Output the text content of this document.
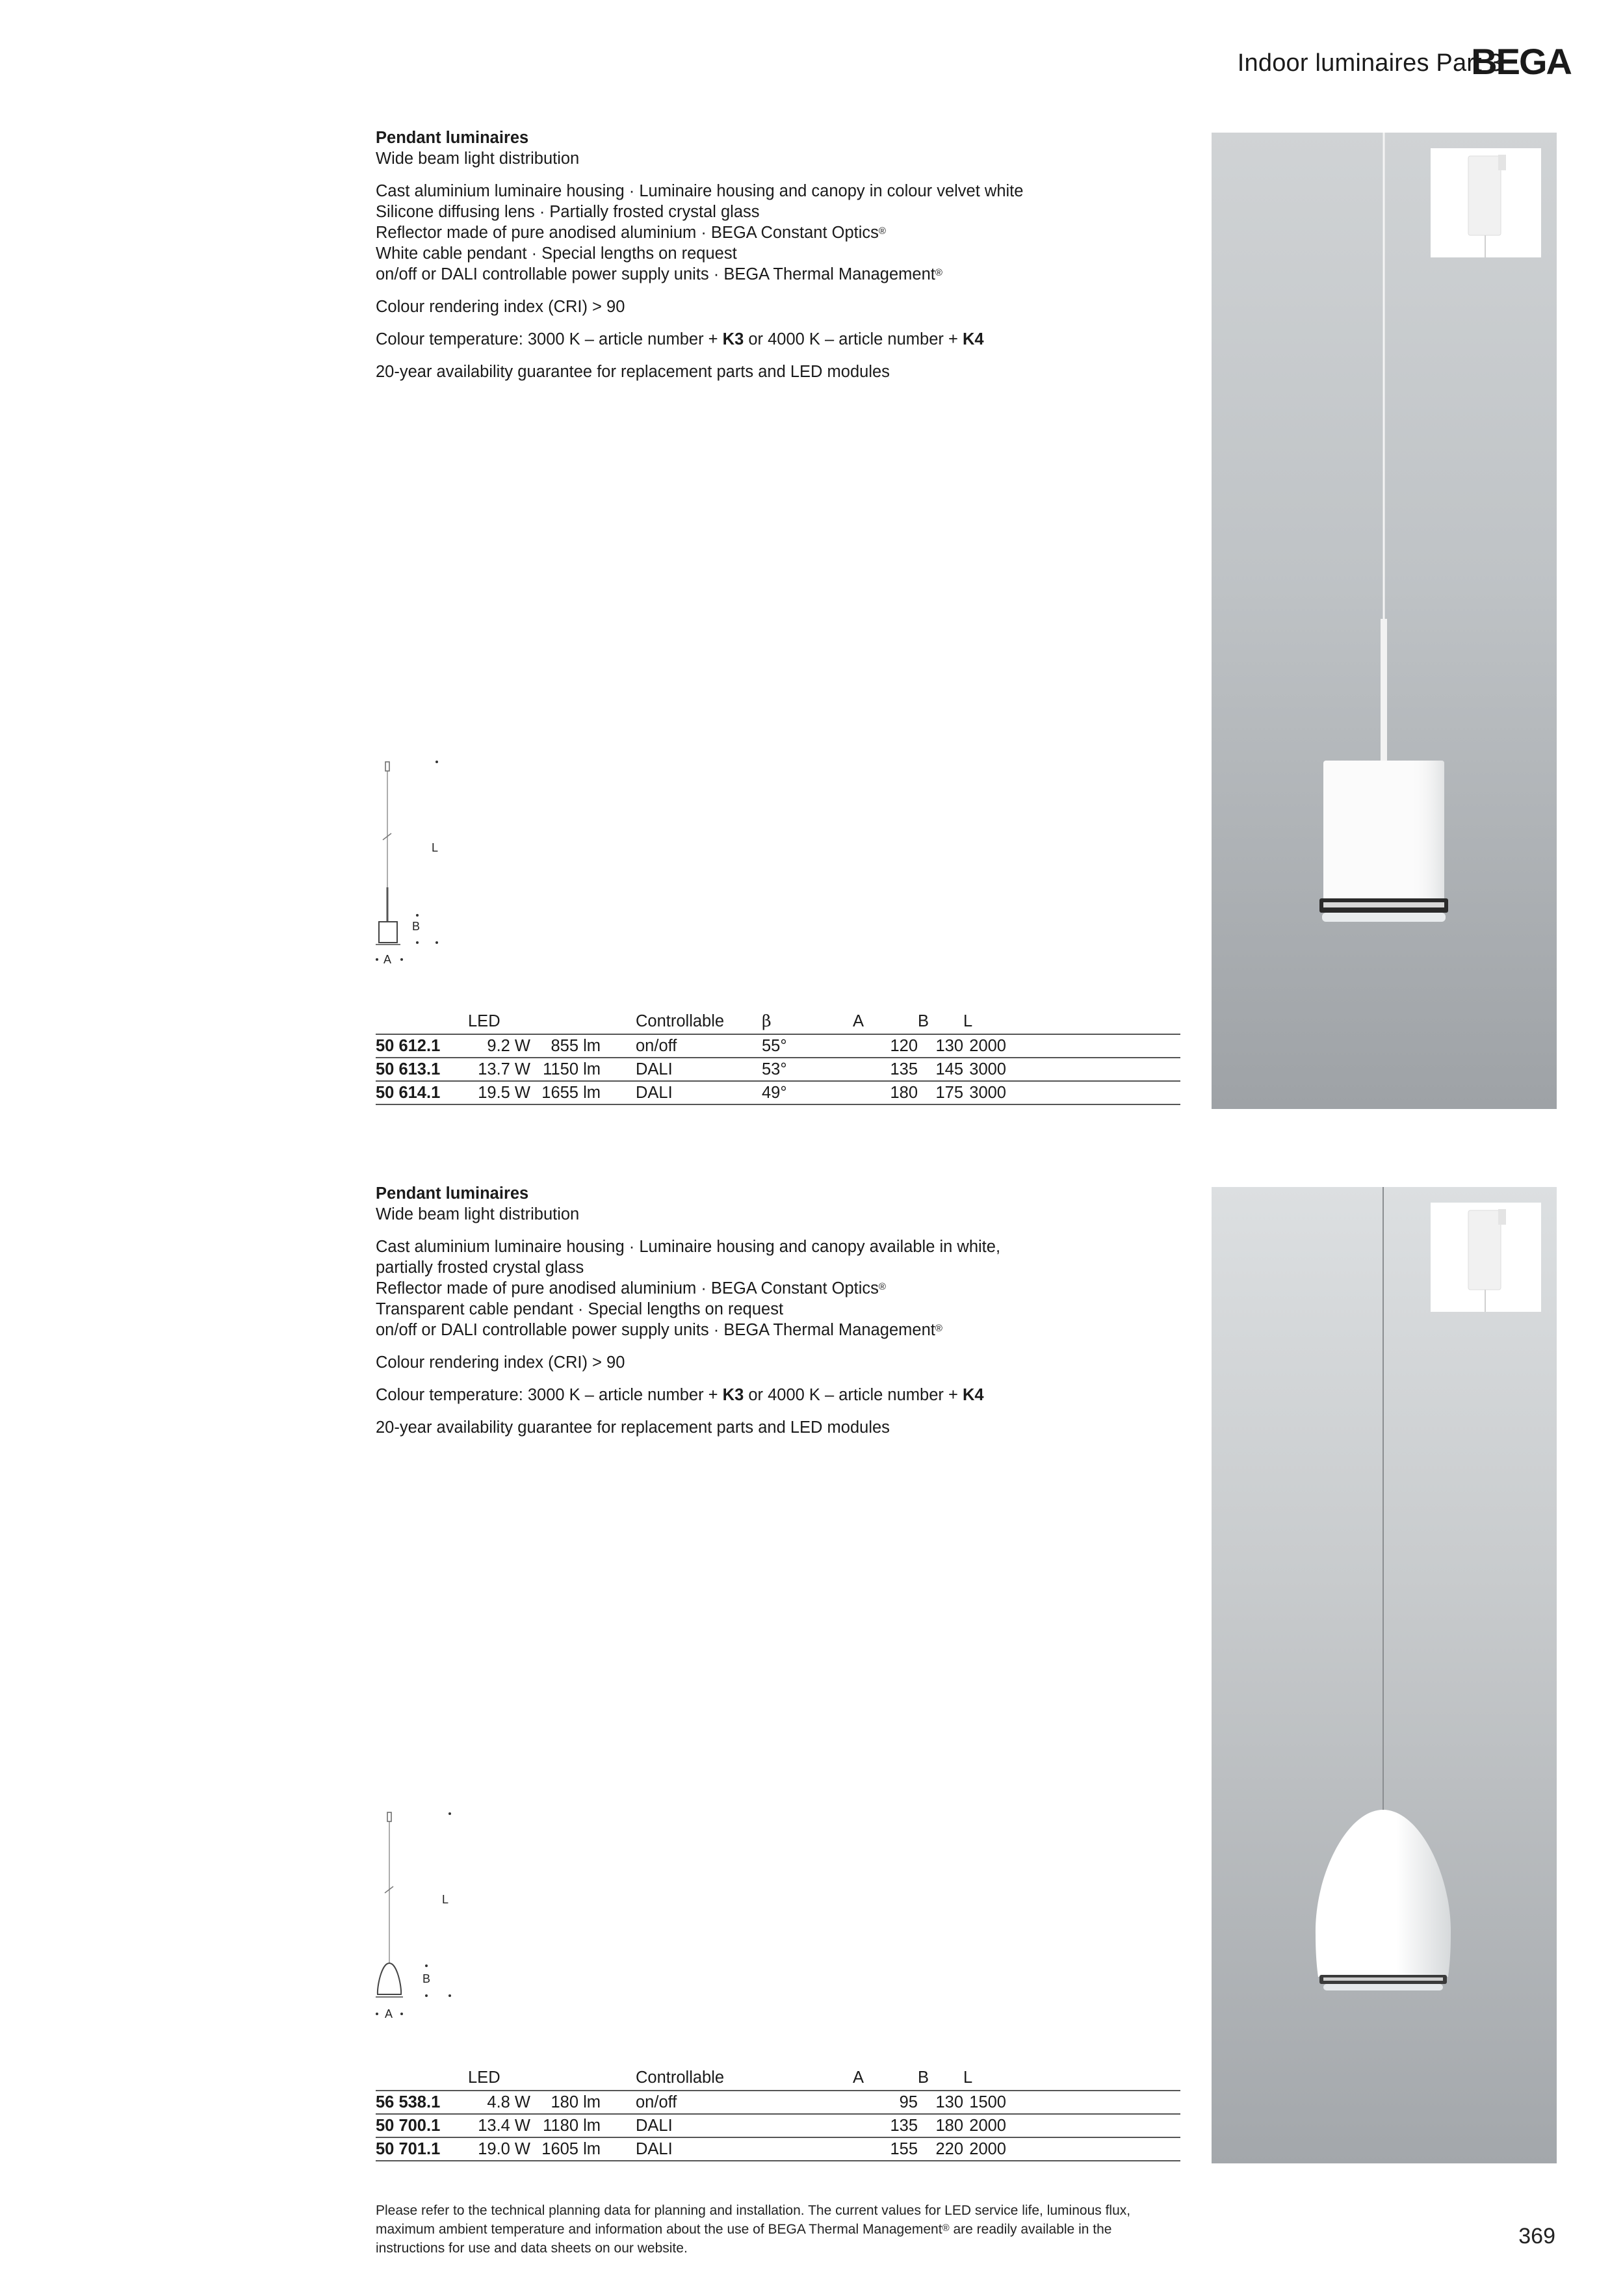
Indoor luminaires Part 3
BEGA

Pendant luminaires

Wide beam light distribution

Cast aluminium luminaire housing · Luminaire housing and canopy in colour velvet white

Silicone diffusing lens · Partially frosted crystal glass

Reflector made of pure anodised aluminium · BEGA Constant Optics®

White cable pendant · Special lengths on request

on/off or DALI controllable power supply units · BEGA Thermal Management®

Colour rendering index (CRI) > 90

Colour temperature: 3000 K – article number + K3 or 4000 K – article number + K4

20-year availability guarantee for replacement parts and LED modules

L
B
A
	LED			Controllable	β	A	B	L		
50 612.1	9.2 W	855 lm		on/off	55°	120	130	2000		
50 613.1	13.7 W	1150 lm		DALI	53°	135	145	3000		
50 614.1	19.5 W	1655 lm		DALI	49°	180	175	3000		

Pendant luminaires

Wide beam light distribution

Cast aluminium luminaire housing · Luminaire housing and canopy available in white,

partially frosted crystal glass

Reflector made of pure anodised aluminium · BEGA Constant Optics®

Transparent cable pendant · Special lengths on request

on/off or DALI controllable power supply units · BEGA Thermal Management®

Colour rendering index (CRI) > 90

Colour temperature: 3000 K – article number + K3 or 4000 K – article number + K4

20-year availability guarantee for replacement parts and LED modules

L
B
A
	LED			Controllable		A	B	L		
56 538.1	4.8 W	180 lm		on/off		95	130	1500		
50 700.1	13.4 W	1180 lm		DALI		135	180	2000		
50 701.1	19.0 W	1605 lm		DALI		155	220	2000		
Please refer to the technical planning data for planning and installation. The current values for LED service life, luminous flux,
maximum ambient temperature and information about the use of BEGA Thermal Management® are readily available in the
instructions for use and data sheets on our website.	369
